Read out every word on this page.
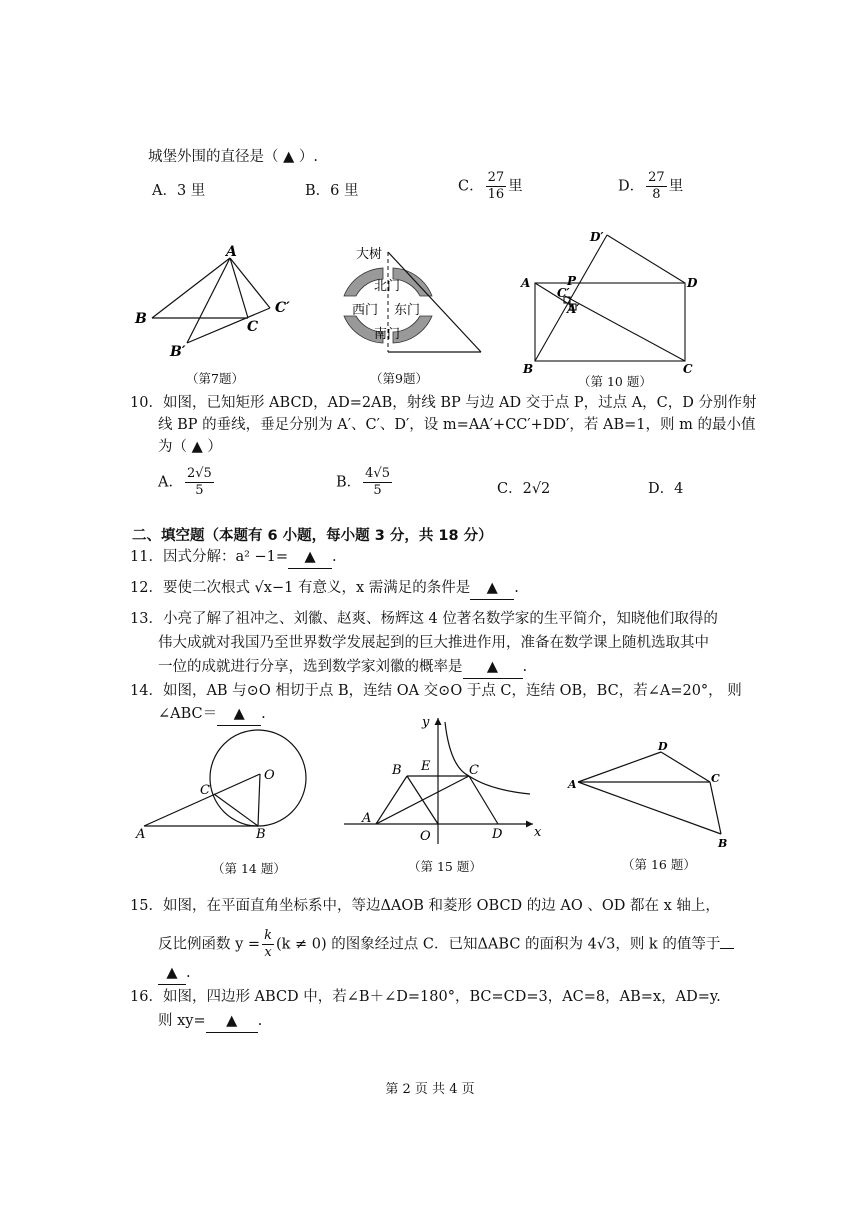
城堡外围的直径是（ ▲ ）.
A．3 里	B．6 里	C． $\frac{27}{16}$ 里	D． $\frac{27}{8}$ 里
A
B	C
C′
B′
（第7题）
大树
北门
西门 东门
南门
（第9题）
A
B	C
D
P
D′
C′
A′
（第 10 题）
10．如图，已知矩形 ABCD，AD=2AB，射线 BP 与边 AD 交于点 P，过点 A，C，D 分别作射
线 BP 的垂线，垂足分别为 A′、C′、D′，设 m=AA′+CC′+DD′，若 AB=1，则 m 的最小值
为（ ▲ ）
A． $\frac{2√5}{5}$	B． $\frac{4√5}{5}$	C．2√2	D．4
二、填空题（本题有 6 小题，每小题 3 分，共 18 分）
11．因式分解：a² −1= ▲ .
12．要使二次根式 √x−1 有意义，x 需满足的条件是 ▲ .
13．小亮了解了祖冲之、刘徽、赵爽、杨辉这 4 位著名数学家的生平简介，知晓他们取得的
伟大成就对我国乃至世界数学发展起到的巨大推进作用，准备在数学课上随机选取其中
一位的成就进行分享，选到数学家刘徽的概率是 ▲ .
14．如图，AB 与⊙O 相切于点 B，连结 OA 交⊙O 于点 C，连结 OB，BC，若∠A=20°， 则
∠ABC＝ ▲ .
O
C
A	B
（第 14 题）
y
x
B E	C
A
O	D
（第 15 题）
D
A	C
B
（第 16 题）
15．如图，在平面直角坐标系中，等边ΔAOB 和菱形 OBCD 的边 AO 、OD 都在 x 轴上，
反比例函数 $y = \frac{k}{x} (k \ne 0)$ 的图象经过点 C．已知ΔABC 的面积为 4√3，则 k 的值等于
▲ .
16．如图，四边形 ABCD 中，若∠B＋∠D=180°，BC=CD=3，AC=8，AB=x，AD=y.
则 xy= ▲ .
第 2 页 共 4 页
